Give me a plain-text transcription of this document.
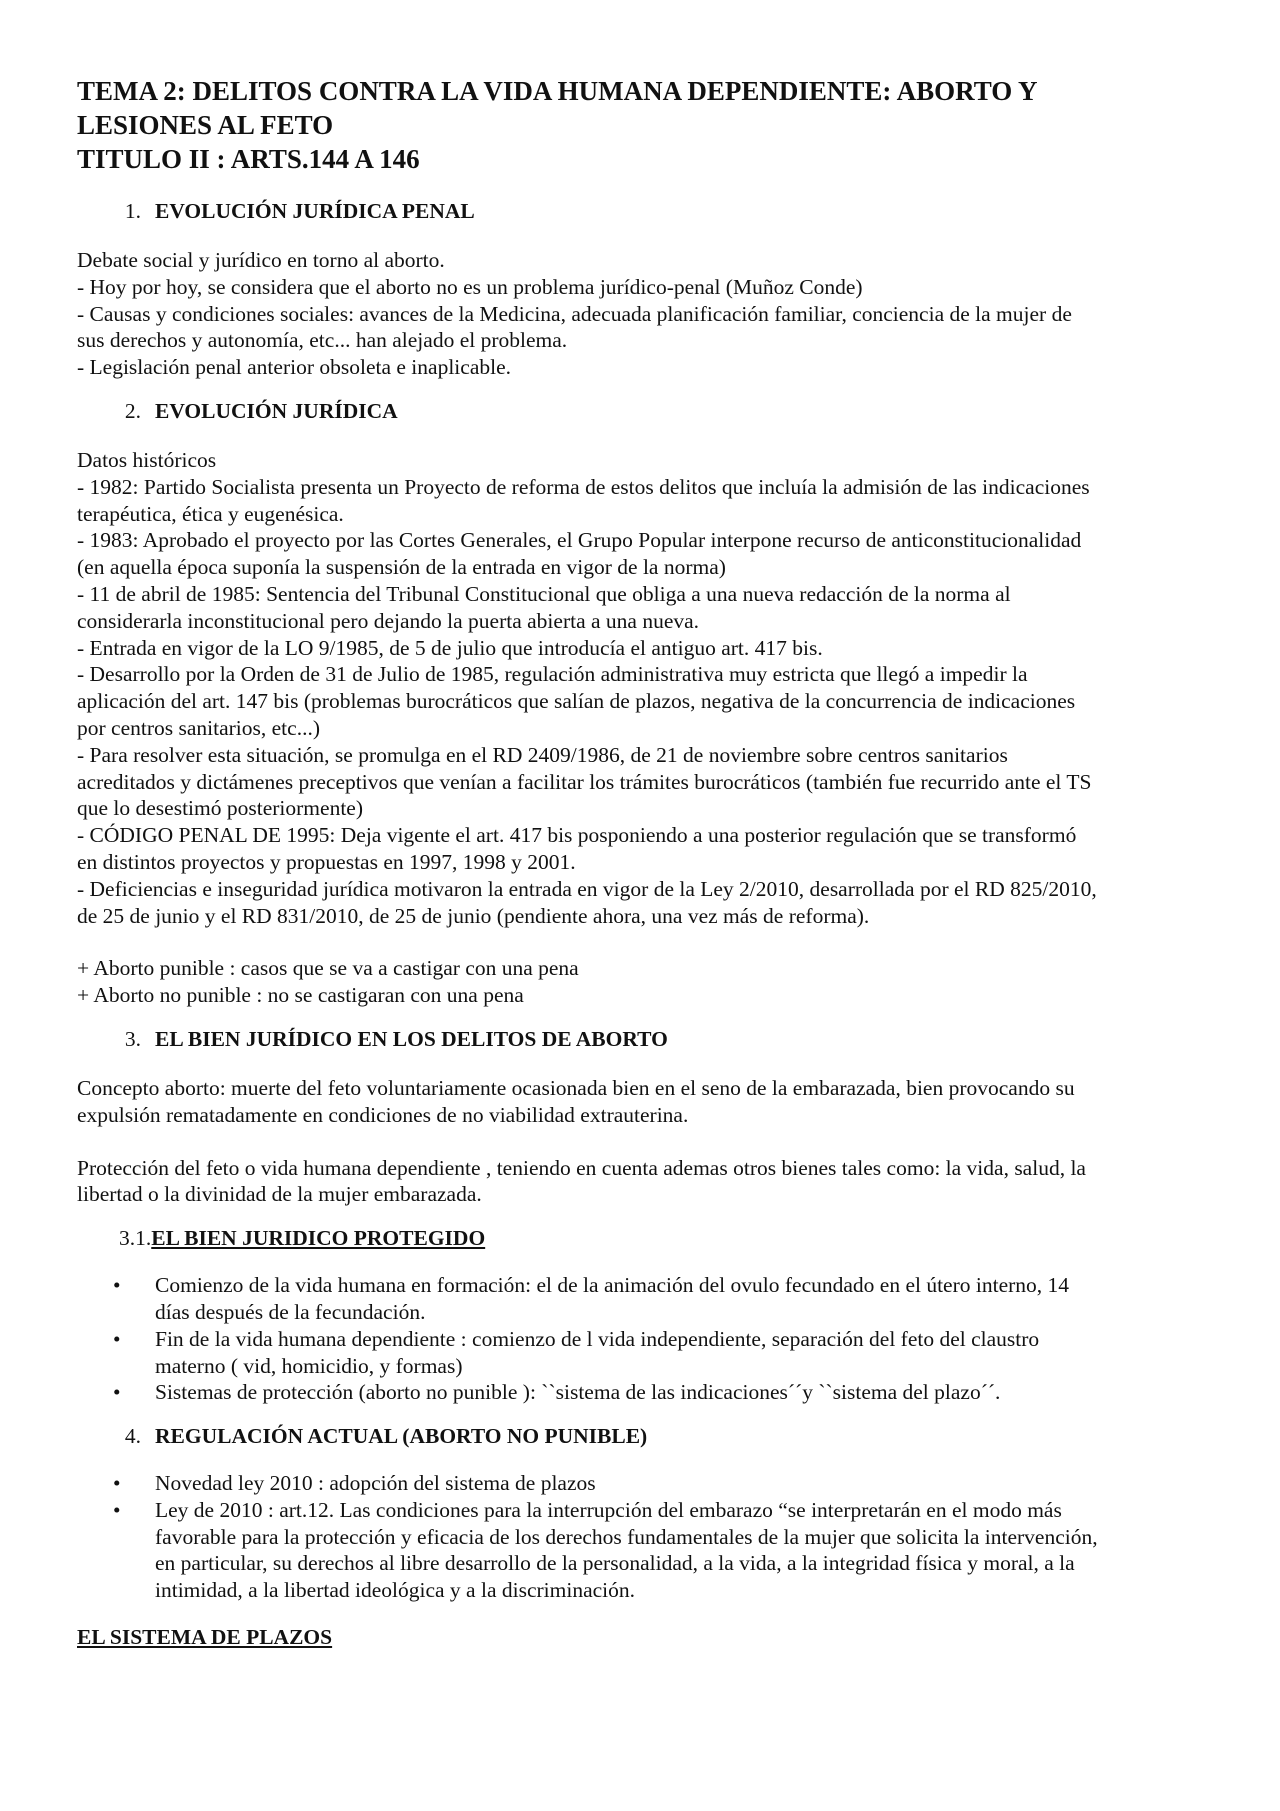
TEMA 2: DELITOS CONTRA LA VIDA HUMANA DEPENDIENTE: ABORTO Y
LESIONES AL FETO
TITULO II : ARTS.144 A 146
1. EVOLUCIÓN JURÍDICA PENAL

Debate social y jurídico en torno al aborto.
- Hoy por hoy, se considera que el aborto no es un problema jurídico-penal (Muñoz Conde)
- Causas y condiciones sociales: avances de la Medicina, adecuada planificación familiar, conciencia de la mujer de
sus derechos y autonomía, etc... han alejado el problema.
- Legislación penal anterior obsoleta e inaplicable.

2. EVOLUCIÓN JURÍDICA

Datos históricos
- 1982: Partido Socialista presenta un Proyecto de reforma de estos delitos que incluía la admisión de las indicaciones
terapéutica, ética y eugenésica.
- 1983: Aprobado el proyecto por las Cortes Generales, el Grupo Popular interpone recurso de anticonstitucionalidad
(en aquella época suponía la suspensión de la entrada en vigor de la norma)
- 11 de abril de 1985: Sentencia del Tribunal Constitucional que obliga a una nueva redacción de la norma al
considerarla inconstitucional pero dejando la puerta abierta a una nueva.
- Entrada en vigor de la LO 9/1985, de 5 de julio que introducía el antiguo art. 417 bis.
- Desarrollo por la Orden de 31 de Julio de 1985, regulación administrativa muy estricta que llegó a impedir la
aplicación del art. 147 bis (problemas burocráticos que salían de plazos, negativa de la concurrencia de indicaciones
por centros sanitarios, etc...)
- Para resolver esta situación, se promulga en el RD 2409/1986, de 21 de noviembre sobre centros sanitarios
acreditados y dictámenes preceptivos que venían a facilitar los trámites burocráticos (también fue recurrido ante el TS
que lo desestimó posteriormente)
- CÓDIGO PENAL DE 1995: Deja vigente el art. 417 bis posponiendo a una posterior regulación que se transformó
en distintos proyectos y propuestas en 1997, 1998 y 2001.
- Deficiencias e inseguridad jurídica motivaron la entrada en vigor de la Ley 2/2010, desarrollada por el RD 825/2010,
de 25 de junio y el RD 831/2010, de 25 de junio (pendiente ahora, una vez más de reforma).

+ Aborto punible : casos que se va a castigar con una pena
+ Aborto no punible : no se castigaran con una pena

3. EL BIEN JURÍDICO EN LOS DELITOS DE ABORTO

Concepto aborto: muerte del feto voluntariamente ocasionada bien en el seno de la embarazada, bien provocando su
expulsión rematadamente en condiciones de no viabilidad extrauterina.

Protección del feto o vida humana dependiente , teniendo en cuenta ademas otros bienes tales como: la vida, salud, la
libertad o la divinidad de la mujer embarazada.

3.1.EL BIEN JURIDICO PROTEGIDO
• Comienzo de la vida humana en formación: el de la animación del ovulo fecundado en el útero interno, 14
días después de la fecundación.
• Fin de la vida humana dependiente : comienzo de l vida independiente, separación del feto del claustro
materno ( vid, homicidio, y formas)
• Sistemas de protección (aborto no punible ): ``sistema de las indicaciones´´y ``sistema del plazo´´.
4. REGULACIÓN ACTUAL (ABORTO NO PUNIBLE)
• Novedad ley 2010 : adopción del sistema de plazos
• Ley de 2010 : art.12. Las condiciones para la interrupción del embarazo “se interpretarán en el modo más
favorable para la protección y eficacia de los derechos fundamentales de la mujer que solicita la intervención,
en particular, su derechos al libre desarrollo de la personalidad, a la vida, a la integridad física y moral, a la
intimidad, a la libertad ideológica y a la discriminación.
EL SISTEMA DE PLAZOS
